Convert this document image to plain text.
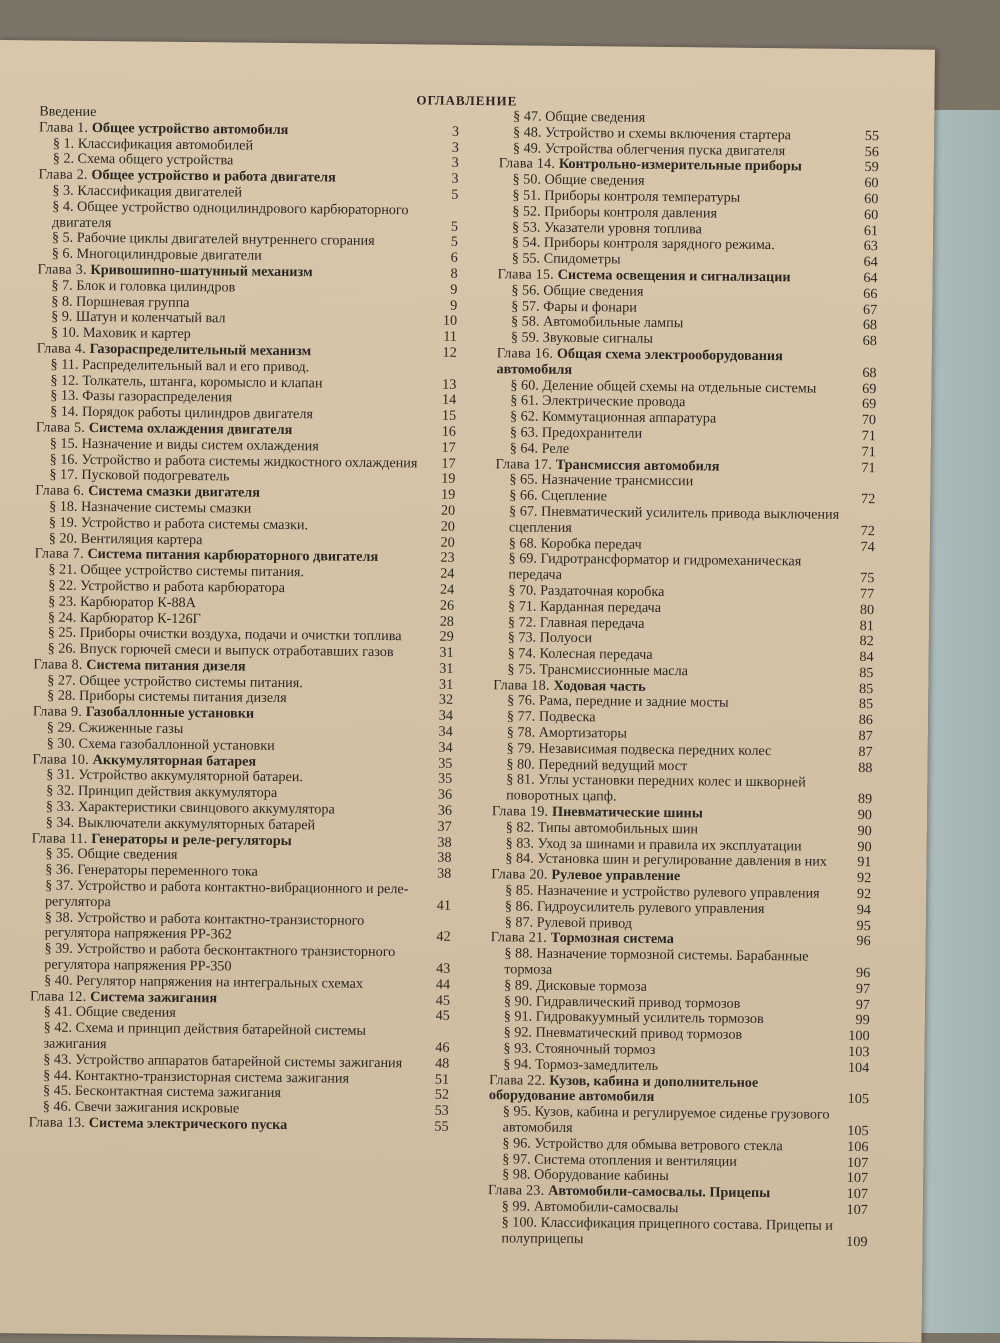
ОГЛАВЛЕНИЕ
Введение
Глава 1. Общее устройство автомобиля	3
§ 1. Классификация автомобилей	3
§ 2. Схема общего устройства	3
Глава 2. Общее устройство и работа двигателя	3
§ 3. Классификация двигателей	5
§ 4. Общее устройство одноцилиндрового карбюраторного двигателя	5
§ 5. Рабочие циклы двигателей внутреннего сгорания	5
§ 6. Многоцилиндровые двигатели	6
Глава 3. Кривошипно-шатунный механизм	8
§ 7. Блок и головка цилиндров	9
§ 8. Поршневая группа	9
§ 9. Шатун и коленчатый вал	10
§ 10. Маховик и картер	11
Глава 4. Газораспределительный механизм	12
§ 11. Распределительный вал и его привод.
§ 12. Толкатель, штанга, коромысло и клапан	13
§ 13. Фазы газораспределения	14
§ 14. Порядок работы цилиндров двигателя	15
Глава 5. Система охлаждения двигателя	16
§ 15. Назначение и виды систем охлаждения	17
§ 16. Устройство и работа системы жидкостного охлаждения	17
§ 17. Пусковой подогреватель	19
Глава 6. Система смазки двигателя	19
§ 18. Назначение системы смазки	20
§ 19. Устройство и работа системы смазки.	20
§ 20. Вентиляция картера	20
Глава 7. Система питания карбюраторного двигателя	23
§ 21. Общее устройство системы питания.	24
§ 22. Устройство и работа карбюратора	24
§ 23. Карбюратор К-88А	26
§ 24. Карбюратор К-126Г	28
§ 25. Приборы очистки воздуха, подачи и очистки топлива	29
§ 26. Впуск горючей смеси и выпуск отработавших газов	31
Глава 8. Система питания дизеля	31
§ 27. Общее устройство системы питания.	31
§ 28. Приборы системы питания дизеля	32
Глава 9. Газобаллонные установки	34
§ 29. Сжиженные газы	34
§ 30. Схема газобаллонной установки	34
Глава 10. Аккумуляторная батарея	35
§ 31. Устройство аккумуляторной батареи.	35
§ 32. Принцип действия аккумулятора	36
§ 33. Характеристики свинцового аккумулятора	36
§ 34. Выключатели аккумуляторных батарей	37
Глава 11. Генераторы и реле-регуляторы	38
§ 35. Общие сведения	38
§ 36. Генераторы переменного тока	38
§ 37. Устройство и работа контактно-вибрационного и реле-регулятора	41
§ 38. Устройство и работа контактно-транзисторного регулятора напряжения РР-362	42
§ 39. Устройство и работа бесконтактного транзисторного регулятора напряжения РР-350	43
§ 40. Регулятор напряжения на интегральных схемах	44
Глава 12. Система зажигания	45
§ 41. Общие сведения	45
§ 42. Схема и принцип действия батарейной системы зажигания	46
§ 43. Устройство аппаратов батарейной системы зажигания	48
§ 44. Контактно-транзисторная система зажигания	51
§ 45. Бесконтактная система зажигания	52
§ 46. Свечи зажигания искровые	53
Глава 13. Система электрического пуска	55
§ 47. Общие сведения
§ 48. Устройство и схемы включения стартера	55
§ 49. Устройства облегчения пуска двигателя	56
Глава 14. Контрольно-измерительные приборы	59
§ 50. Общие сведения	60
§ 51. Приборы контроля температуры	60
§ 52. Приборы контроля давления	60
§ 53. Указатели уровня топлива	61
§ 54. Приборы контроля зарядного режима.	63
§ 55. Спидометры	64
Глава 15. Система освещения и сигнализации	64
§ 56. Общие сведения	66
§ 57. Фары и фонари	67
§ 58. Автомобильные лампы	68
§ 59. Звуковые сигналы	68
Глава 16. Общая схема электрооборудования автомобиля	68
§ 60. Деление общей схемы на отдельные системы	69
§ 61. Электрические провода	69
§ 62. Коммутационная аппаратура	70
§ 63. Предохранители	71
§ 64. Реле	71
Глава 17. Трансмиссия автомобиля	71
§ 65. Назначение трансмиссии
§ 66. Сцепление	72
§ 67. Пневматический усилитель привода выключения сцепления	72
§ 68. Коробка передач	74
§ 69. Гидротрансформатор и гидромеханическая передача	75
§ 70. Раздаточная коробка	77
§ 71. Карданная передача	80
§ 72. Главная передача	81
§ 73. Полуоси	82
§ 74. Колесная передача	84
§ 75. Трансмиссионные масла	85
Глава 18. Ходовая часть	85
§ 76. Рама, передние и задние мосты	85
§ 77. Подвеска	86
§ 78. Амортизаторы	87
§ 79. Независимая подвеска передних колес	87
§ 80. Передний ведущий мост	88
§ 81. Углы установки передних колес и шкворней поворотных цапф.	89
Глава 19. Пневматические шины	90
§ 82. Типы автомобильных шин	90
§ 83. Уход за шинами и правила их эксплуатации	90
§ 84. Установка шин и регулирование давления в них	91
Глава 20. Рулевое управление	92
§ 85. Назначение и устройство рулевого управления	92
§ 86. Гидроусилитель рулевого управления	94
§ 87. Рулевой привод	95
Глава 21. Тормозная система	96
§ 88. Назначение тормозной системы. Барабанные тормоза	96
§ 89. Дисковые тормоза	97
§ 90. Гидравлический привод тормозов	97
§ 91. Гидровакуумный усилитель тормозов	99
§ 92. Пневматический привод тормозов	100
§ 93. Стояночный тормоз	103
§ 94. Тормоз-замедлитель	104
Глава 22. Кузов, кабина и дополнительное оборудование автомобиля	105
§ 95. Кузов, кабина и регулируемое сиденье грузового автомобиля	105
§ 96. Устройство для обмыва ветрового стекла	106
§ 97. Система отопления и вентиляции	107
§ 98. Оборудование кабины	107
Глава 23. Автомобили-самосвалы. Прицепы	107
§ 99. Автомобили-самосвалы	107
§ 100. Классификация прицепного состава. Прицепы и полуприцепы	109
